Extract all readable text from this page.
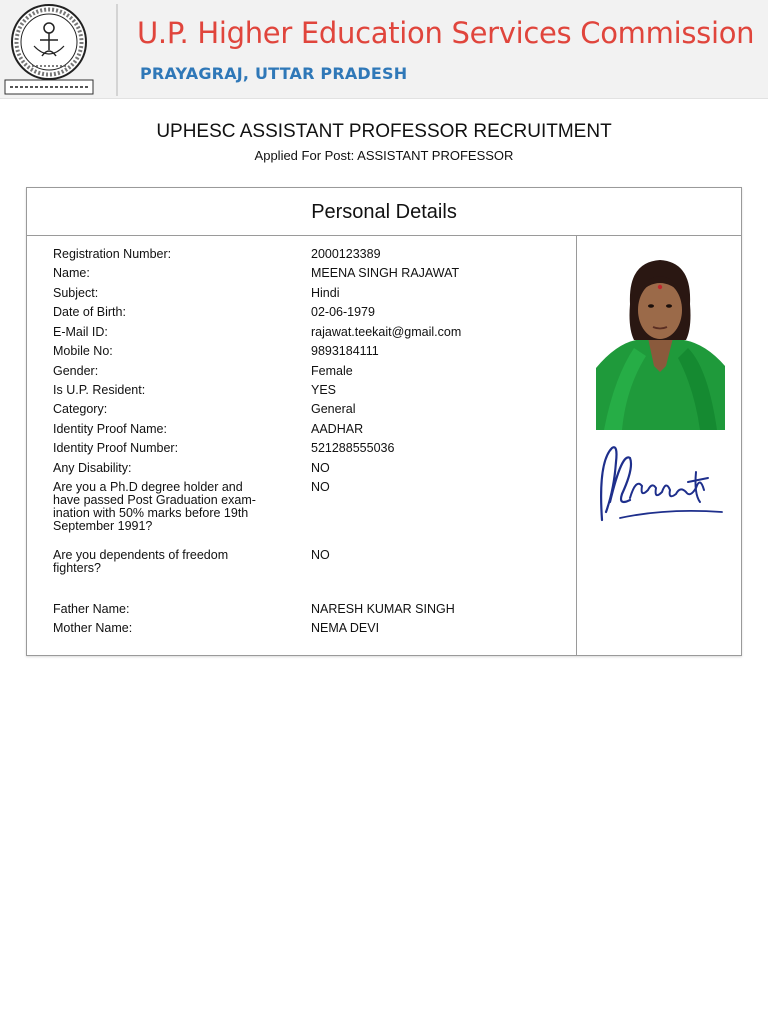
U.P. Higher Education Services Commission
PRAYAGRAJ, UTTAR PRADESH
UPHESC ASSISTANT PROFESSOR RECRUITMENT
Applied For Post: ASSISTANT PROFESSOR
Personal Details
Registration Number:	2000123389
Name:	MEENA SINGH RAJAWAT
Subject:	Hindi
Date of Birth:	02-06-1979
E-Mail ID:	rajawat.teekait@gmail.com
Mobile No:	9893184111
Gender:	Female
Is U.P. Resident:	YES
Category:	General
Identity Proof Name:	AADHAR
Identity Proof Number:	521288555036
Any Disability:	NO
Are you a Ph.D degree holder and have passed Post Graduation exam-ination with 50% marks before 19th September 1991?
NO
Are you dependents of freedom fighters?
NO
Father Name:	NARESH KUMAR SINGH
Mother Name:	NEMA DEVI
